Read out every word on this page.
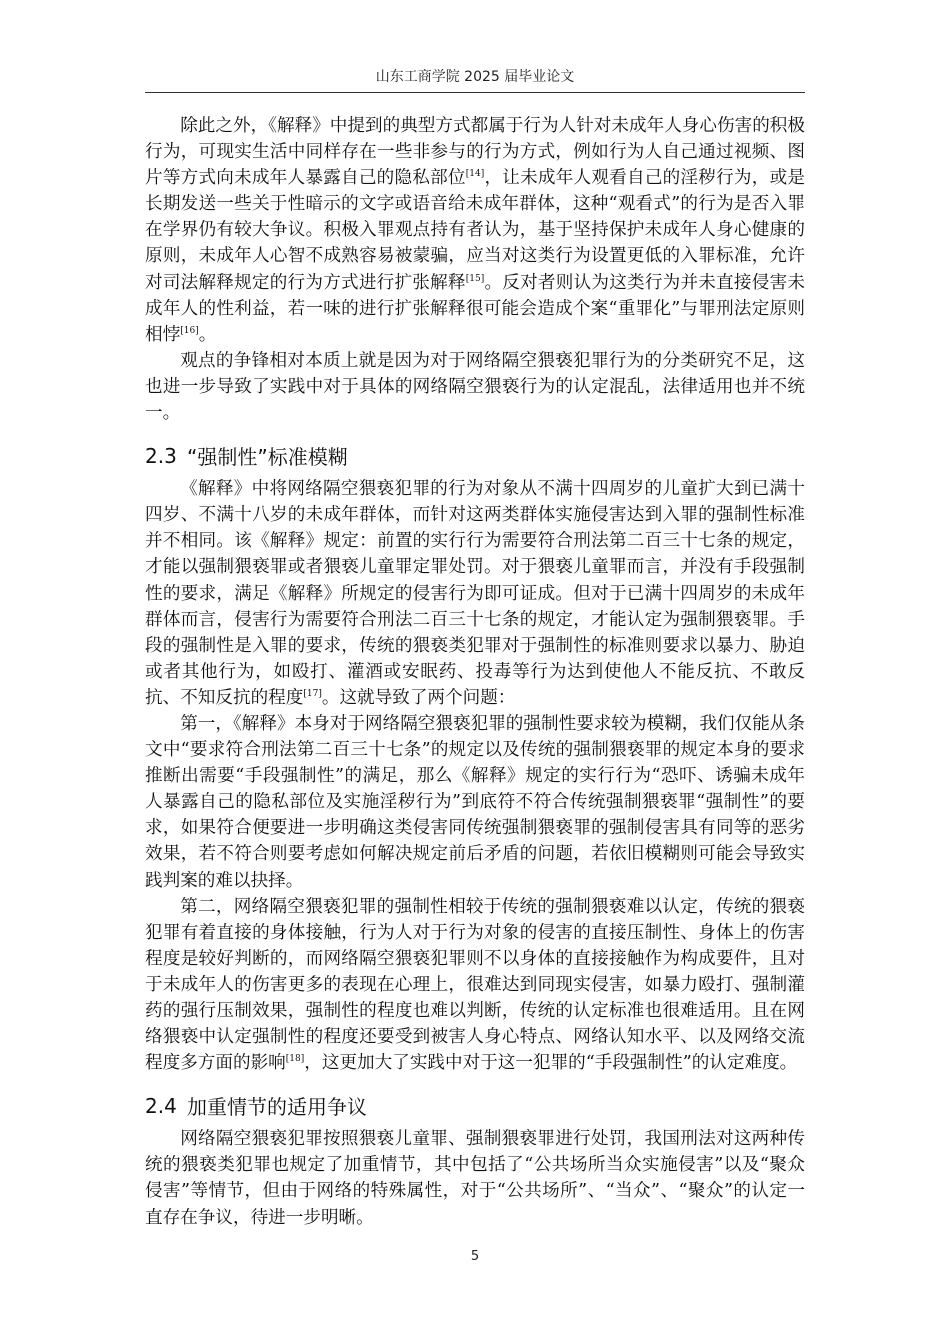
山东工商学院 2025 届毕业论文

除此之外，《解释》中提到的典型方式都属于行为人针对未成年人身心伤害的积极行为，可现实生活中同样存在一些非参与的行为方式，例如行为人自己通过视频、图片等方式向未成年人暴露自己的隐私部位[14]，让未成年人观看自己的淫秽行为，或是长期发送一些关于性暗示的文字或语音给未成年群体，这种“观看式”的行为是否入罪在学界仍有较大争议。积极入罪观点持有者认为，基于坚持保护未成年人身心健康的原则，未成年人心智不成熟容易被蒙骗，应当对这类行为设置更低的入罪标准，允许对司法解释规定的行为方式进行扩张解释[15]。反对者则认为这类行为并未直接侵害未成年人的性利益，若一味的进行扩张解释很可能会造成个案“重罪化”与罪刑法定原则相悖[16]。

观点的争锋相对本质上就是因为对于网络隔空猥亵犯罪行为的分类研究不足，这也进一步导致了实践中对于具体的网络隔空猥亵行为的认定混乱，法律适用也并不统一。

2.3 “强制性”标准模糊

《解释》中将网络隔空猥亵犯罪的行为对象从不满十四周岁的儿童扩大到已满十四岁、不满十八岁的未成年群体，而针对这两类群体实施侵害达到入罪的强制性标准并不相同。该《解释》规定：前置的实行行为需要符合刑法第二百三十七条的规定，才能以强制猥亵罪或者猥亵儿童罪定罪处罚。对于猥亵儿童罪而言，并没有手段强制性的要求，满足《解释》所规定的侵害行为即可证成。但对于已满十四周岁的未成年群体而言，侵害行为需要符合刑法二百三十七条的规定，才能认定为强制猥亵罪。手段的强制性是入罪的要求，传统的猥亵类犯罪对于强制性的标准则要求以暴力、胁迫或者其他行为，如殴打、灌酒或安眠药、投毒等行为达到使他人不能反抗、不敢反抗、不知反抗的程度[17]。这就导致了两个问题：

第一，《解释》本身对于网络隔空猥亵犯罪的强制性要求较为模糊，我们仅能从条文中“要求符合刑法第二百三十七条”的规定以及传统的强制猥亵罪的规定本身的要求推断出需要“手段强制性”的满足，那么《解释》规定的实行行为“恐吓、诱骗未成年人暴露自己的隐私部位及实施淫秽行为”到底符不符合传统强制猥亵罪“强制性”的要求，如果符合便要进一步明确这类侵害同传统强制猥亵罪的强制侵害具有同等的恶劣效果，若不符合则要考虑如何解决规定前后矛盾的问题，若依旧模糊则可能会导致实践判案的难以抉择。

第二，网络隔空猥亵犯罪的强制性相较于传统的强制猥亵难以认定，传统的猥亵犯罪有着直接的身体接触，行为人对于行为对象的侵害的直接压制性、身体上的伤害程度是较好判断的，而网络隔空猥亵犯罪则不以身体的直接接触作为构成要件，且对于未成年人的伤害更多的表现在心理上，很难达到同现实侵害，如暴力殴打、强制灌药的强行压制效果，强制性的程度也难以判断，传统的认定标准也很难适用。且在网络猥亵中认定强制性的程度还要受到被害人身心特点、网络认知水平、以及网络交流程度多方面的影响[18]，这更加大了实践中对于这一犯罪的“手段强制性”的认定难度。

2.4 加重情节的适用争议

网络隔空猥亵犯罪按照猥亵儿童罪、强制猥亵罪进行处罚，我国刑法对这两种传统的猥亵类犯罪也规定了加重情节，其中包括了“公共场所当众实施侵害”以及“聚众侵害”等情节，但由于网络的特殊属性，对于“公共场所”、“当众”、“聚众”的认定一直存在争议，待进一步明晰。

5
